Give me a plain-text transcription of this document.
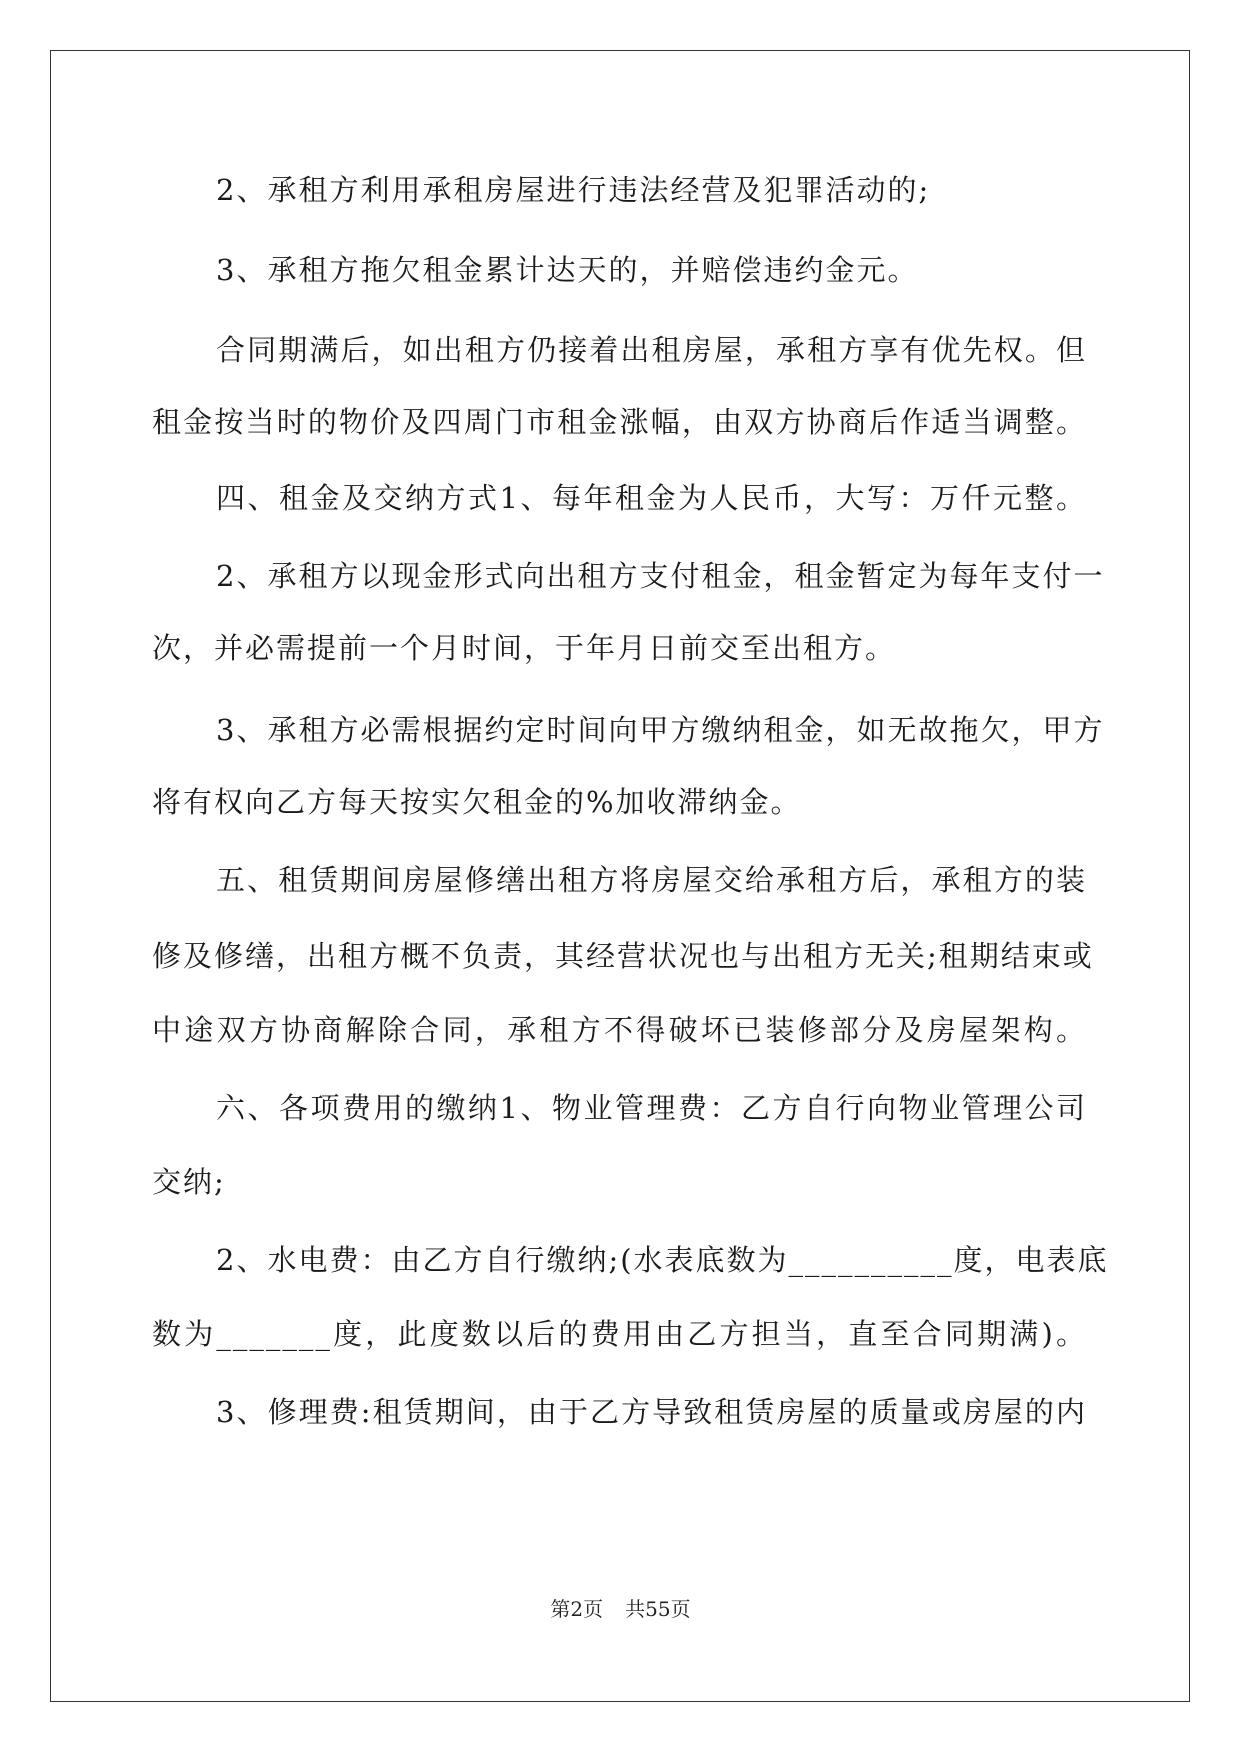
2、承租方利用承租房屋进行违法经营及犯罪活动的;
3、承租方拖欠租金累计达天的，并赔偿违约金元。
合同期满后，如出租方仍接着出租房屋，承租方享有优先权。但
租金按当时的物价及四周门市租金涨幅，由双方协商后作适当调整。
四、租金及交纳方式1、每年租金为人民币，大写：万仟元整。
2、承租方以现金形式向出租方支付租金，租金暂定为每年支付一
次，并必需提前一个月时间，于年月日前交至出租方。
3、承租方必需根据约定时间向甲方缴纳租金，如无故拖欠，甲方
将有权向乙方每天按实欠租金的%加收滞纳金。
五、租赁期间房屋修缮出租方将房屋交给承租方后，承租方的装
修及修缮，出租方概不负责，其经营状况也与出租方无关;租期结束或
中途双方协商解除合同，承租方不得破坏已装修部分及房屋架构。
六、各项费用的缴纳1、物业管理费：乙方自行向物业管理公司
交纳;
2、水电费：由乙方自行缴纳;(水表底数为__________度，电表底
数为_______度，此度数以后的费用由乙方担当，直至合同期满)。
3、修理费:租赁期间，由于乙方导致租赁房屋的质量或房屋的内
第2页 共55页
